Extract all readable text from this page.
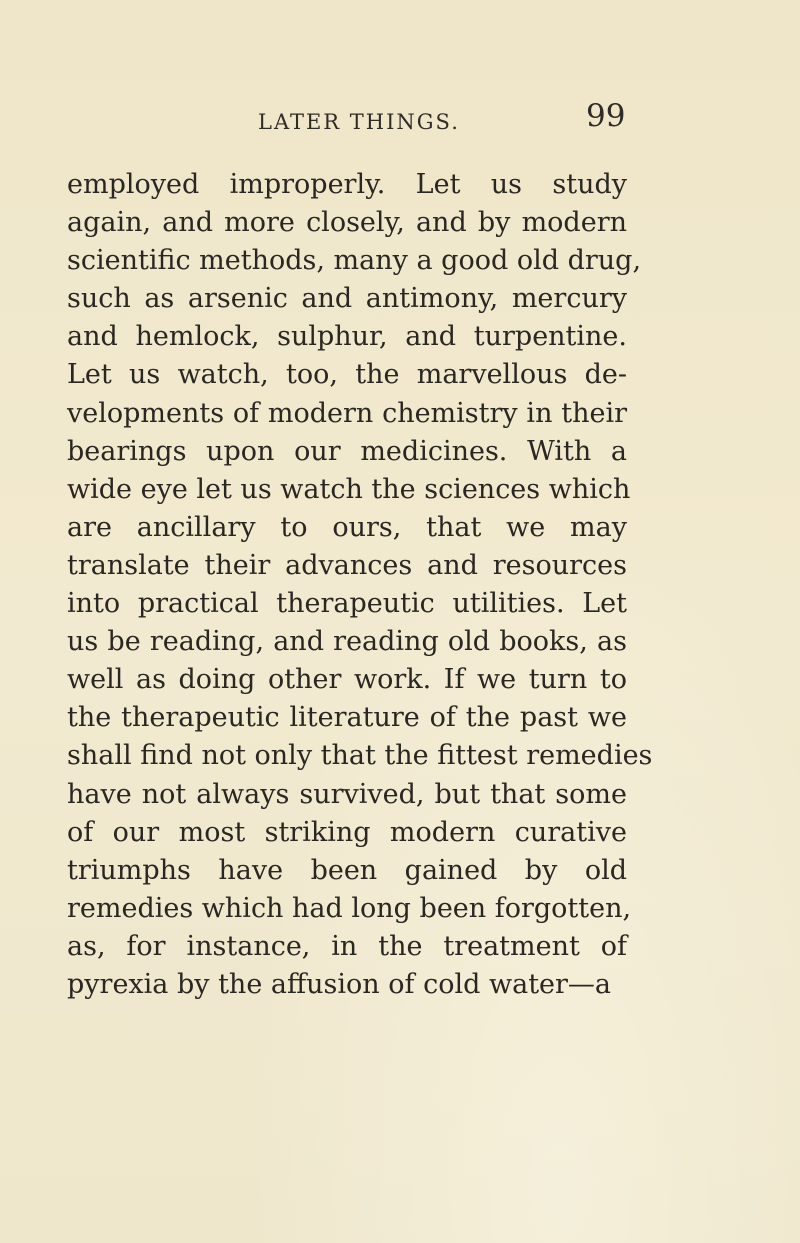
LATER THINGS.	99
employed improperly. Let us study
again, and more closely, and by modern
scientific methods, many a good old drug,
such as arsenic and antimony, mercury
and hemlock, sulphur, and turpentine.
Let us watch, too, the marvellous de-
velopments of modern chemistry in their
bearings upon our medicines. With a
wide eye let us watch the sciences which
are ancillary to ours, that we may
translate their advances and resources
into practical therapeutic utilities. Let
us be reading, and reading old books, as
well as doing other work. If we turn to
the therapeutic literature of the past we
shall find not only that the fittest remedies
have not always survived, but that some
of our most striking modern curative
triumphs have been gained by old
remedies which had long been forgotten,
as, for instance, in the treatment of
pyrexia by the affusion of cold water—a
